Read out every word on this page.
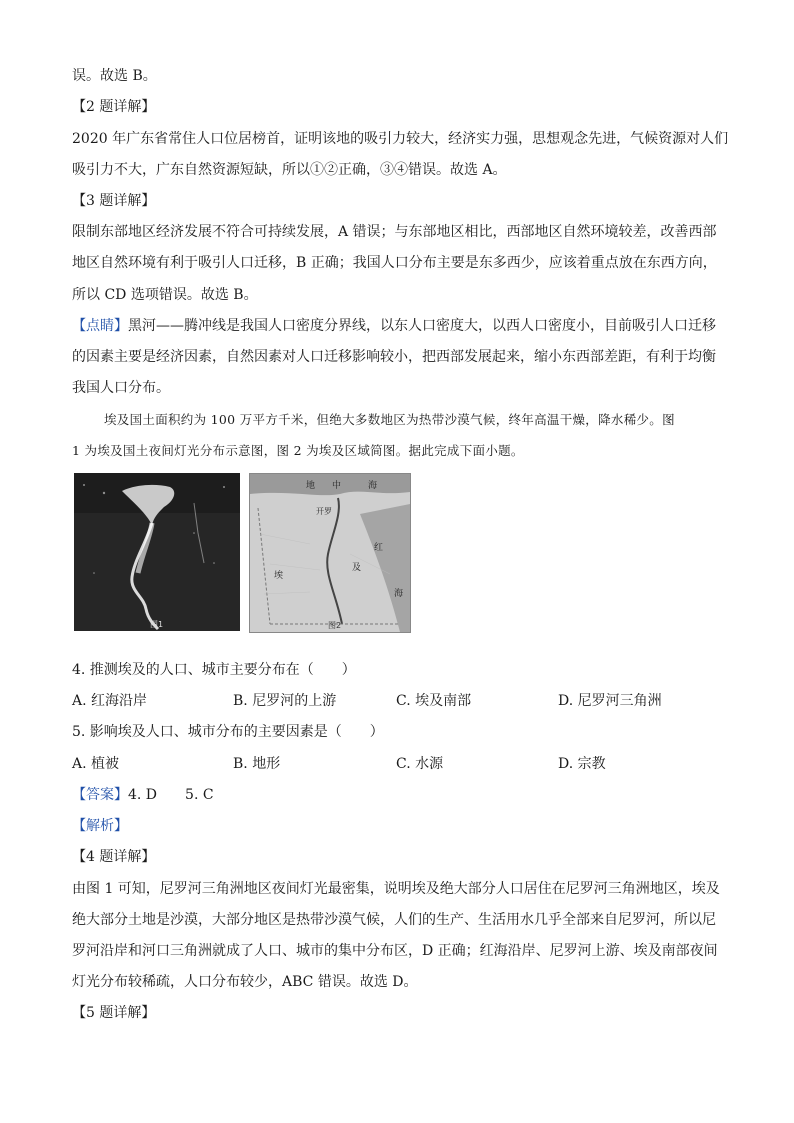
误。故选 B。
【2 题详解】
2020 年广东省常住人口位居榜首，证明该地的吸引力较大，经济实力强，思想观念先进，气候资源对人们
吸引力不大，广东自然资源短缺，所以①②正确，③④错误。故选 A。
【3 题详解】
限制东部地区经济发展不符合可持续发展，A 错误；与东部地区相比，西部地区自然环境较差，改善西部
地区自然环境有利于吸引人口迁移，B 正确；我国人口分布主要是东多西少，应该着重点放在东西方向，
所以 CD 选项错误。故选 B。
【点睛】黑河——腾冲线是我国人口密度分界线，以东人口密度大，以西人口密度小，目前吸引人口迁移
的因素主要是经济因素，自然因素对人口迁移影响较小，把西部发展起来，缩小东西部差距，有利于均衡
我国人口分布。
埃及国土面积约为 100 万平方千米，但绝大多数地区为热带沙漠气候，终年高温干燥，降水稀少。图
1 为埃及国土夜间灯光分布示意图，图 2 为埃及区域简图。据此完成下面小题。
图1
地 中	海
开罗
埃
及
红
海
图2
4. 推测埃及的人口、城市主要分布在（　　）
A. 红海沿岸	B. 尼罗河的上游	C. 埃及南部	D. 尼罗河三角洲
5. 影响埃及人口、城市分布的主要因素是（　　）
A. 植被	B. 地形	C. 水源	D. 宗教
【答案】4. D　　5. C
【解析】
【4 题详解】
由图 1 可知，尼罗河三角洲地区夜间灯光最密集，说明埃及绝大部分人口居住在尼罗河三角洲地区，埃及
绝大部分土地是沙漠，大部分地区是热带沙漠气候，人们的生产、生活用水几乎全部来自尼罗河，所以尼
罗河沿岸和河口三角洲就成了人口、城市的集中分布区，D 正确；红海沿岸、尼罗河上游、埃及南部夜间
灯光分布较稀疏，人口分布较少，ABC 错误。故选 D。
【5 题详解】
